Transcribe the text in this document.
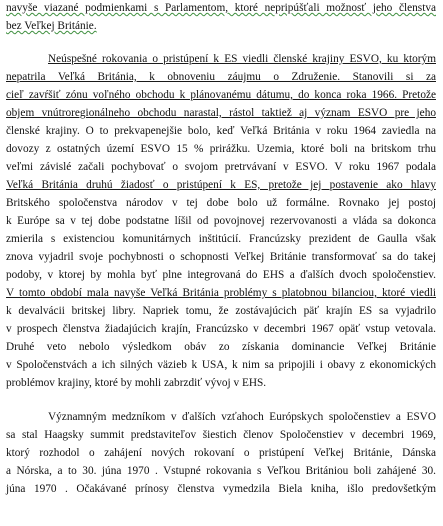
navyše viazané podmienkami s Parlamentom, ktoré nepripúšťali možnosť jeho členstva
bez Veľkej Británie.
Neúspešné rokovania o pristúpení k ES viedli členské krajiny ESVO, ku ktorým
nepatrila Veľká Británia, k obnoveniu záujmu o Združenie. Stanovili si za
cieľ zavŕšiť zónu voľného obchodu k plánovanému dátumu, do konca roka 1966. Pretože
objem vnútroregionálneho obchodu narastal, rástol taktiež aj význam ESVO pre jeho
členské krajiny. O to prekvapenejšie bolo, keď Veľká Británia v roku 1964 zaviedla na
dovozy z ostatných území ESVO 15 % prirážku. Uzemia, ktoré boli na britskom trhu
veľmi závislé začali pochybovať o svojom pretrvávaní v ESVO. V roku 1967 podala
Veľká Británia druhú žiadosť o pristúpení k ES, pretože jej postavenie ako hlavy
Britského spoločenstva národov v tej dobe bolo už formálne. Rovnako jej postoj
k Európe sa v tej dobe podstatne líšil od povojnovej rezervovanosti a vláda sa dokonca
zmierila s existenciou komunitárnych inštitúcií. Francúzsky prezident de Gaulla však
znova vyjadril svoje pochybnosti o schopnosti Veľkej Británie transformovať sa do takej
podoby, v ktorej by mohla byť plne integrovaná do EHS a ďalších dvoch spoločenstiev.
V tomto období mala navyše Veľká Británia problémy s platobnou bilanciou, ktoré viedli
k devalvácii britskej libry. Napriek tomu, že zostávajúcich päť krajín ES sa vyjadrilo
v prospech členstva žiadajúcich krajín, Francúzsko v decembri 1967 opäť vstup vetovala.
Druhé veto nebolo výsledkom obáv zo získania dominancie Veľkej Británie
v Spoločenstvách a ich silných väzieb k USA, k nim sa pripojili i obavy z ekonomických
problémov krajiny, ktoré by mohli zabrzdiť vývoj v EHS.
Významným medzníkom v ďalších vzťahoch Európskych spoločenstiev a ESVO
sa stal Haagsky summit predstaviteľov šiestich členov Spoločenstiev v decembri 1969,
ktorý rozhodol o zahájení nových rokovaní o pristúpení Veľkej Británie, Dánska
a Nórska, a to 30. júna 1970 . Vstupné rokovania s Veľkou Britániou boli zahájené 30.
júna 1970 . Očakávané prínosy členstva vymedzila Biela kniha, išlo predovšetkým
